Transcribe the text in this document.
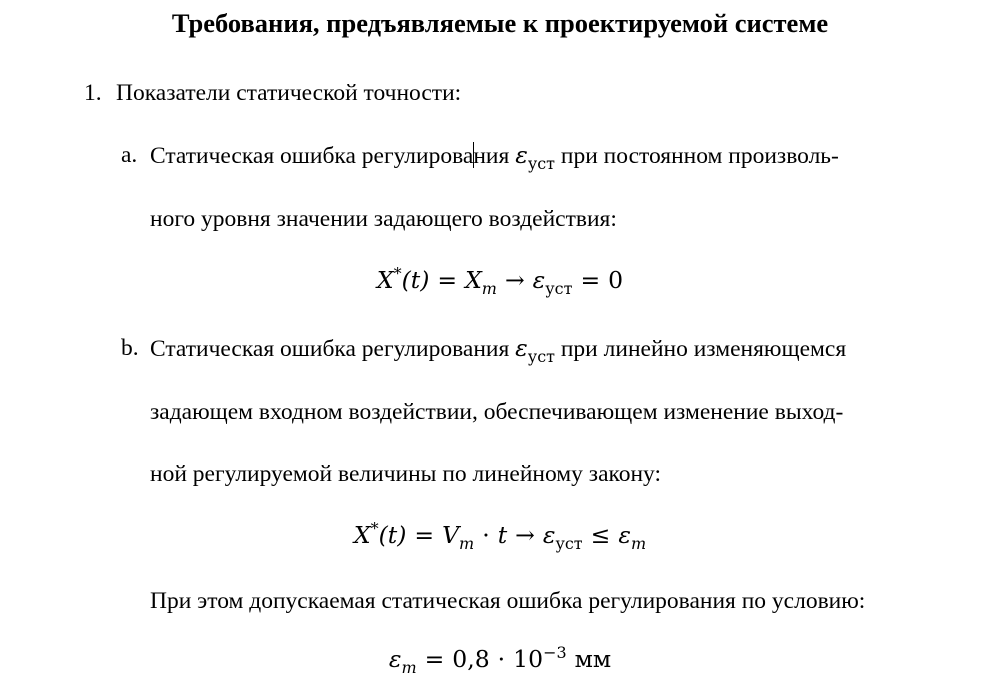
Требования, предъявляемые к проектируемой системе
1. Показатели статической точности:
a. Статическая ошибка регулирования $\varepsilon_{уст}$ при постоянном произволь-
ного уровня значении задающего воздействия:
$X^*(t) = X_m \to \varepsilon_{уст} = 0$
b. Статическая ошибка регулирования $\varepsilon_{уст}$ при линейно изменяющемся
задающем входном воздействии, обеспечивающем изменение выход-
ной регулируемой величины по линейному закону:
$X^*(t) = V_m \cdot t \to \varepsilon_{уст} \le \varepsilon_m$
При этом допускаемая статическая ошибка регулирования по условию:
$\varepsilon_m = 0,8 \cdot 10^{-3}$ мм
